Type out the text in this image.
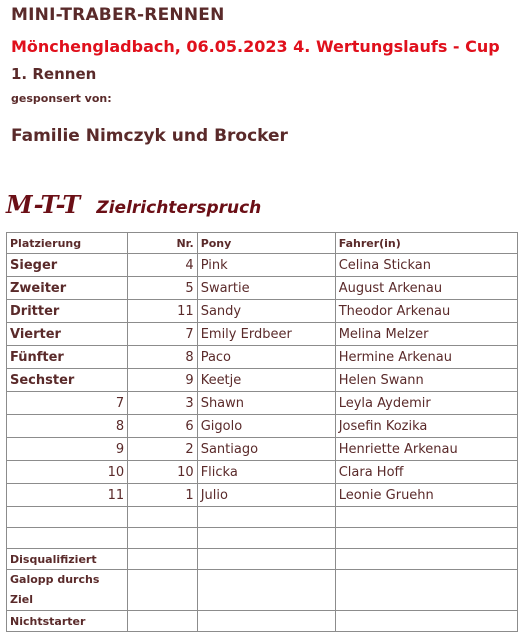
MINI-TRABER-RENNEN
Mönchengladbach, 06.05.2023 4. Wertungslaufs - Cup
1. Rennen
gesponsert von:
Familie Nimczyk und Brocker
M-T-T Zielrichterspruch
Platzierung	Nr.	Pony	Fahrer(in)
Sieger	4	Pink	Celina Stickan
Zweiter	5	Swartie	August Arkenau
Dritter	11	Sandy	Theodor Arkenau
Vierter	7	Emily Erdbeer	Melina Melzer
Fünfter	8	Paco	Hermine Arkenau
Sechster	9	Keetje	Helen Swann
7	3	Shawn	Leyla Aydemir
8	6	Gigolo	Josefin Kozika
9	2	Santiago	Henriette Arkenau
10	10	Flicka	Clara Hoff
11	1	Julio	Leonie Gruehn

Disqualifiziert			
Galopp durchs Ziel			
Nichtstarter			
